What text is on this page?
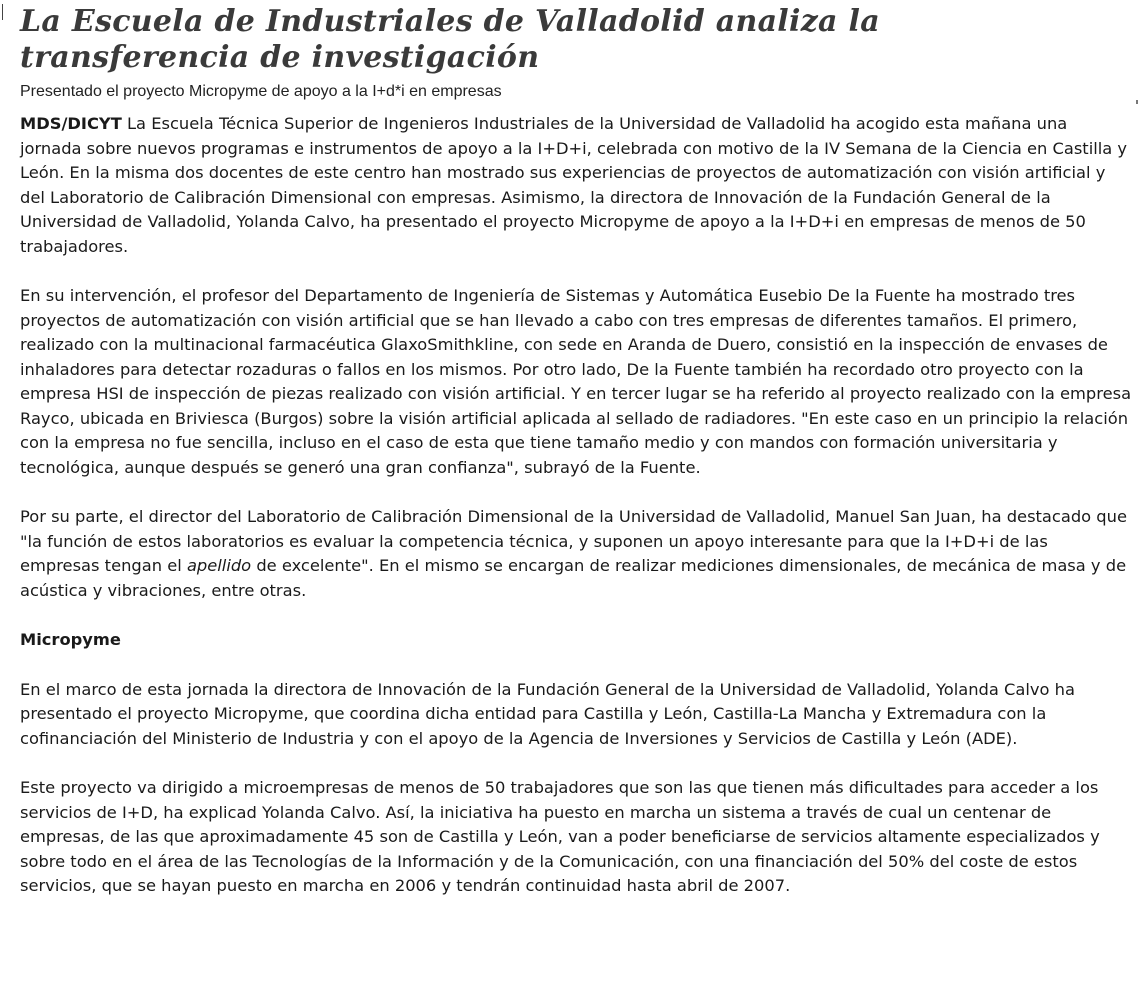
La Escuela de Industriales de Valladolid analiza la transferencia de investigación

Presentado el proyecto Micropyme de apoyo a la I+d*i en empresas

MDS/DICYT La Escuela Técnica Superior de Ingenieros Industriales de la Universidad de Valladolid ha acogido esta mañana una jornada sobre nuevos programas e instrumentos de apoyo a la I+D+i, celebrada con motivo de la IV Semana de la Ciencia en Castilla y León. En la misma dos docentes de este centro han mostrado sus experiencias de proyectos de automatización con visión artificial y del Laboratorio de Calibración Dimensional con empresas. Asimismo, la directora de Innovación de la Fundación General de la Universidad de Valladolid, Yolanda Calvo, ha presentado el proyecto Micropyme de apoyo a la I+D+i en empresas de menos de 50 trabajadores.

En su intervención, el profesor del Departamento de Ingeniería de Sistemas y Automática Eusebio De la Fuente ha mostrado tres proyectos de automatización con visión artificial que se han llevado a cabo con tres empresas de diferentes tamaños. El primero, realizado con la multinacional farmacéutica GlaxoSmithkline, con sede en Aranda de Duero, consistió en la inspección de envases de inhaladores para detectar rozaduras o fallos en los mismos. Por otro lado, De la Fuente también ha recordado otro proyecto con la empresa HSI de inspección de piezas realizado con visión artificial. Y en tercer lugar se ha referido al proyecto realizado con la empresa Rayco, ubicada en Briviesca (Burgos) sobre la visión artificial aplicada al sellado de radiadores. "En este caso en un principio la relación con la empresa no fue sencilla, incluso en el caso de esta que tiene tamaño medio y con mandos con formación universitaria y tecnológica, aunque después se generó una gran confianza", subrayó de la Fuente.

Por su parte, el director del Laboratorio de Calibración Dimensional de la Universidad de Valladolid, Manuel San Juan, ha destacado que "la función de estos laboratorios es evaluar la competencia técnica, y suponen un apoyo interesante para que la I+D+i de las empresas tengan el apellido de excelente". En el mismo se encargan de realizar mediciones dimensionales, de mecánica de masa y de acústica y vibraciones, entre otras.

Micropyme

En el marco de esta jornada la directora de Innovación de la Fundación General de la Universidad de Valladolid, Yolanda Calvo ha presentado el proyecto Micropyme, que coordina dicha entidad para Castilla y León, Castilla-La Mancha y Extremadura con la cofinanciación del Ministerio de Industria y con el apoyo de la Agencia de Inversiones y Servicios de Castilla y León (ADE).

Este proyecto va dirigido a microempresas de menos de 50 trabajadores que son las que tienen más dificultades para acceder a los servicios de I+D, ha explicad Yolanda Calvo. Así, la iniciativa ha puesto en marcha un sistema a través de cual un centenar de empresas, de las que aproximadamente 45 son de Castilla y León, van a poder beneficiarse de servicios altamente especializados y sobre todo en el área de las Tecnologías de la Información y de la Comunicación, con una financiación del 50% del coste de estos servicios, que se hayan puesto en marcha en 2006 y tendrán continuidad hasta abril de 2007.
